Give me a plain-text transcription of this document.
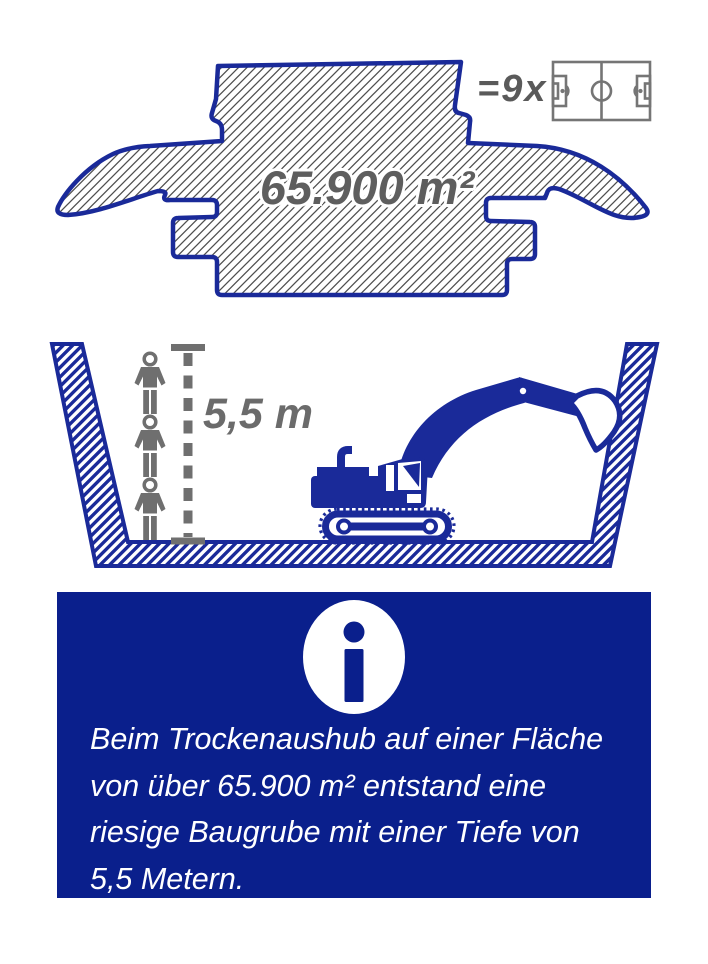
65.900 m²
=9x
5,5 m
Beim Trockenaushub auf einer Fläche
von über 65.900 m² entstand eine
riesige Baugrube mit einer Tiefe von
5,5 Metern.
